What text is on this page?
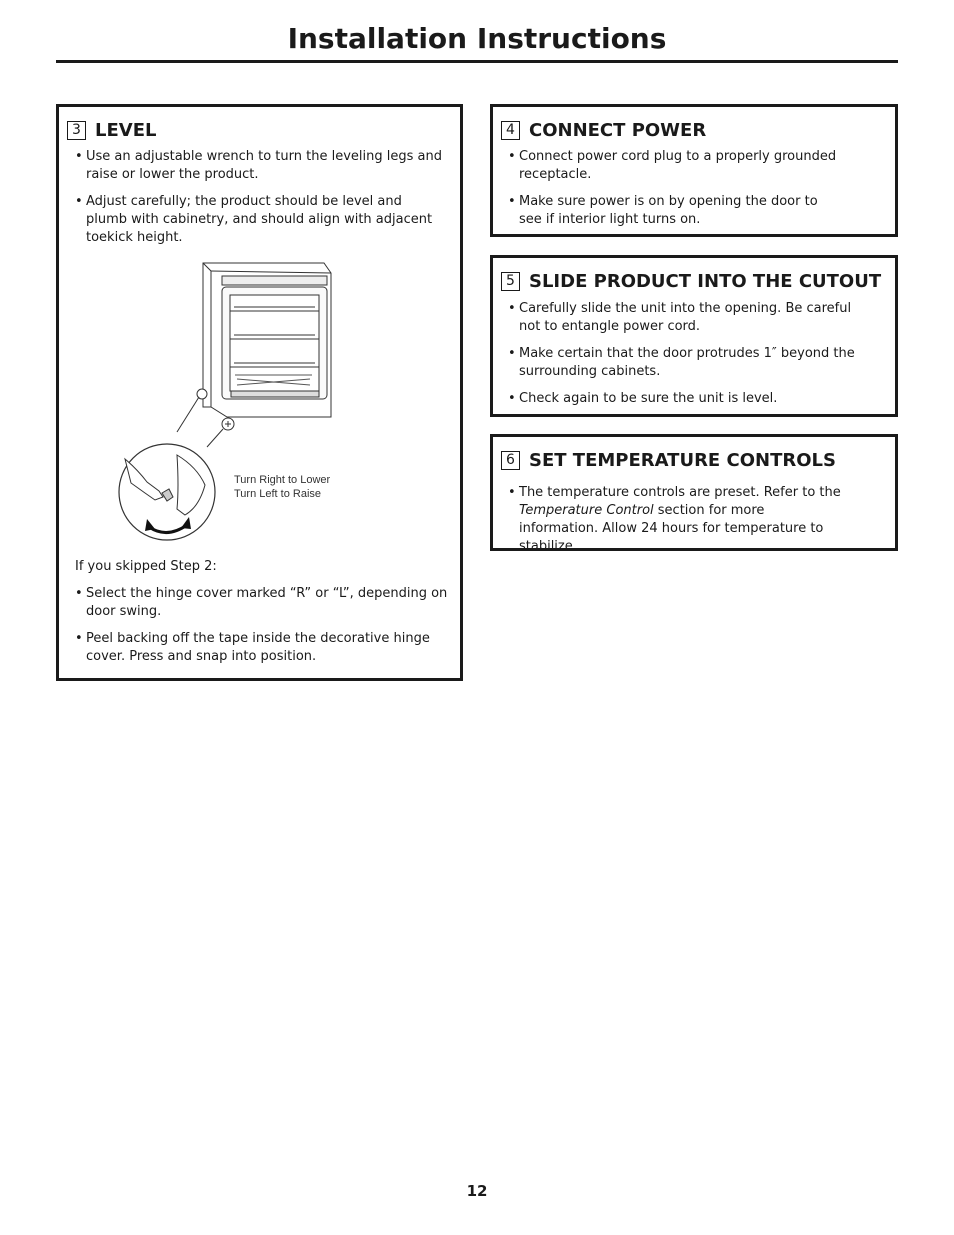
Installation Instructions
3 LEVEL
• Use an adjustable wrench to turn the leveling legs and raise or lower the product.
• Adjust carefully; the product should be level and plumb with cabinetry, and should align with adjacent toekick height.

Turn Right to Lower

Turn Left to Raise

If you skipped Step 2:

• Select the hinge cover marked “R” or “L”, depending on door swing.
• Peel backing off the tape inside the decorative hinge cover. Press and snap into position.
4 CONNECT POWER
• Connect power cord plug to a properly grounded receptacle.
• Make sure power is on by opening the door to see if interior light turns on.
5 SLIDE PRODUCT INTO THE CUTOUT
• Carefully slide the unit into the opening. Be careful not to entangle power cord.
• Make certain that the door protrudes 1″ beyond the surrounding cabinets.
• Check again to be sure the unit is level.
6 SET TEMPERATURE CONTROLS
• The temperature controls are preset. Refer to the Temperature Control section for more information. Allow 24 hours for temperature to stabilize.

12
